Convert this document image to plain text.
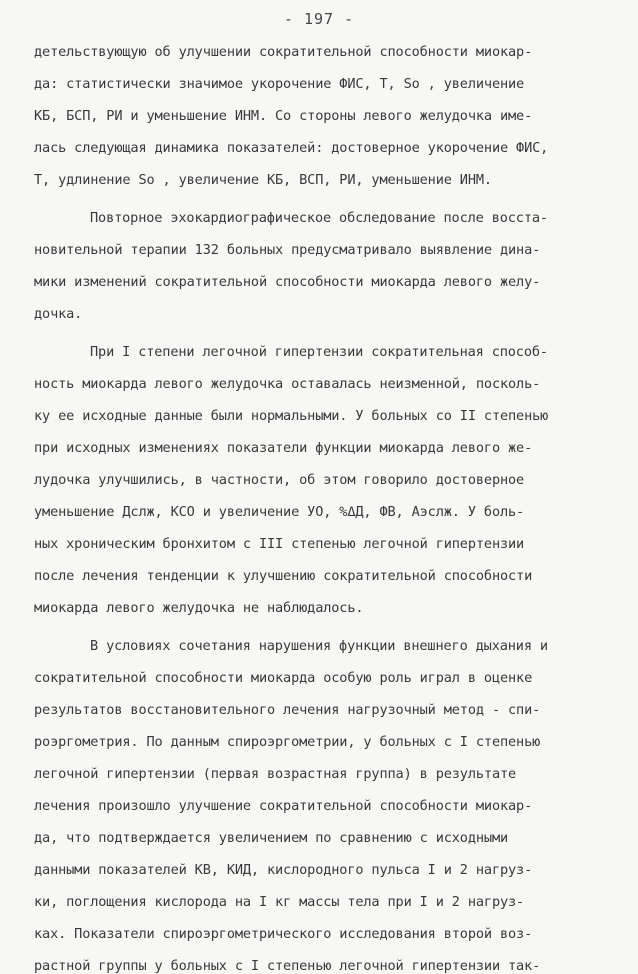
- 197 -
детельствующую об улучшении сократительной способности миокар-
да: статистически значимое укорочение ФИС, Т, So , увеличение
КБ, БСП, РИ и уменьшение ИНМ. Со стороны левого желудочка име-
лась следующая динамика показателей: достоверное укорочение ФИС,
Т, удлинение So , увеличение КБ, ВСП, РИ, уменьшение ИНМ.
Повторное эхокардиографическое обследование после восста-
новительной терапии 132 больных предусматривало выявление дина-
мики изменений сократительной способности миокарда левого желу-
дочка.
При I степени легочной гипертензии сократительная способ-
ность миокарда левого желудочка оставалась неизменной, посколь-
ку ее исходные данные были нормальными. У больных со II степенью
при исходных изменениях показатели функции миокарда левого же-
лудочка улучшились, в частности, об этом говорило достоверное
уменьшение Дслж, КСО и увеличение УО, %ΔД, ФВ, Аэслж. У боль-
ных хроническим бронхитом с III степенью легочной гипертензии
после лечения тенденции к улучшению сократительной способности
миокарда левого желудочка не наблюдалось.
В условиях сочетания нарушения функции внешнего дыхания и
сократительной способности миокарда особую роль играл в оценке
результатов восстановительного лечения нагрузочный метод - спи-
роэргометрия. По данным спироэргометрии, у больных с I степенью
легочной гипертензии (первая возрастная группа) в результате
лечения произошло улучшение сократительной способности миокар-
да, что подтверждается увеличением по сравнению с исходными
данными показателей КВ, КИД, кислородного пульса I и 2 нагруз-
ки, поглощения кислорода на I кг массы тела при I и 2 нагруз-
ках. Показатели спироэргометрического исследования второй воз-
растной группы у больных с I степенью легочной гипертензии так-
